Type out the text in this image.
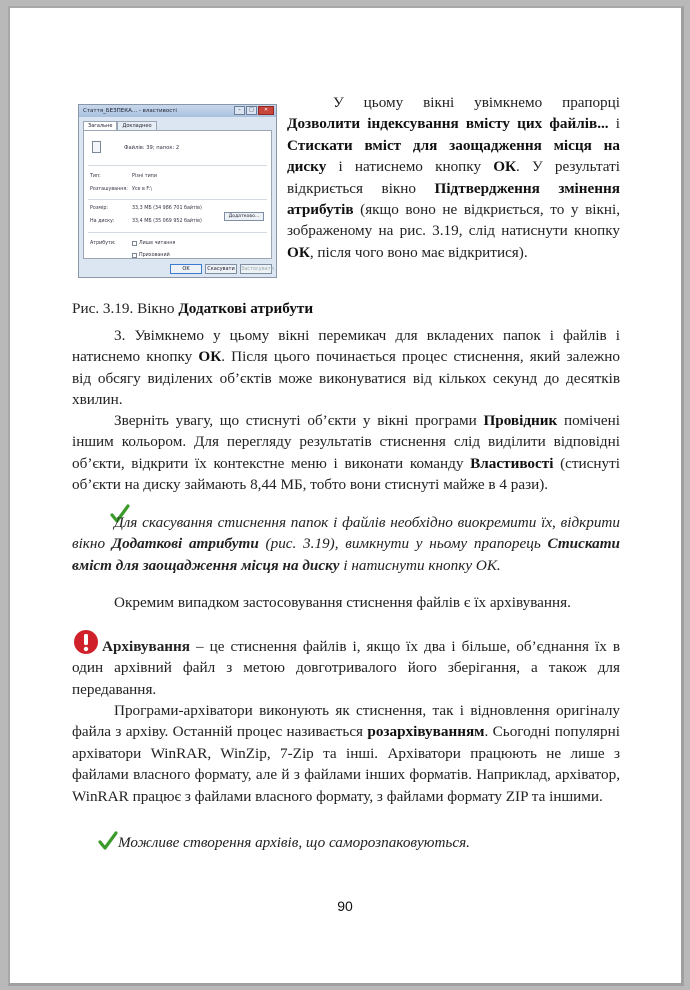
Стаття_БЕЗПЕКА... - властивості	–	□	✕
Загальне	Докладнео
Файлів: 39; папок: 2
Тип:	Різні типи
Розташування: Усе в F:\
Розмір:	33,3 МБ (34 986 701 байтів)
На диску:	33,4 МБ (35 069 952 байтів)
Атрибути:	Лише читання
Прихований
Додатково...
OK	Скасувати	Застосувати

У цьому вікні увімкнемо прапорці Дозволити індексування вмісту цих файлів... і Стискати вміст для заощадження місця на диску і натиснемо кнопку ОК. У результаті відкриється вікно Підтвердження змінення атрибутів (якщо воно не відкриється, то у вікні, зображеному на рис. 3.19, слід натиснути кнопку ОК, після чого воно має відкритися).

Рис. 3.19. Вікно Додаткові атрибути

3. Увімкнемо у цьому вікні перемикач для вкладених папок і файлів і натиснемо кнопку ОК. Після цього починається процес стиснення, який залежно від обсягу виділених об’єктів може виконуватися від кількох секунд до десятків хвилин.

Зверніть увагу, що стиснуті об’єкти у вікні програми Провідник помічені іншим кольором. Для перегляду результатів стиснення слід виділити відповідні об’єкти, відкрити їх контекстне меню і виконати команду Властивості (стиснуті об’єкти на диску займають 8,44 МБ, тобто вони стиснуті майже в 4 рази).

Для скасування стиснення папок і файлів необхідно виокремити їх, відкрити вікно Додаткові атрибути (рис. 3.19), вимкнути у ньому прапорець Стискати вміст для заощадження місця на диску і натиснути кнопку ОК.

Окремим випадком застосовування стиснення файлів є їх архівування.

Архівування – це стиснення файлів і, якщо їх два і більше, об’єднання їх в один архівний файл з метою довготривалого його зберігання, а також для передавання.

Програми-архіватори виконують як стиснення, так і відновлення оригіналу файла з архіву. Останній процес називається розархівуванням. Сьогодні популярні архіватори WinRAR, WinZip, 7-Zip та інші. Архіватори працюють не лише з файлами власного формату, але й з файлами інших форматів. Наприклад, архіватор, WinRAR працює з файлами власного формату, з файлами формату ZIP та іншими.

Можливе створення архівів, що саморозпаковуються.

90
